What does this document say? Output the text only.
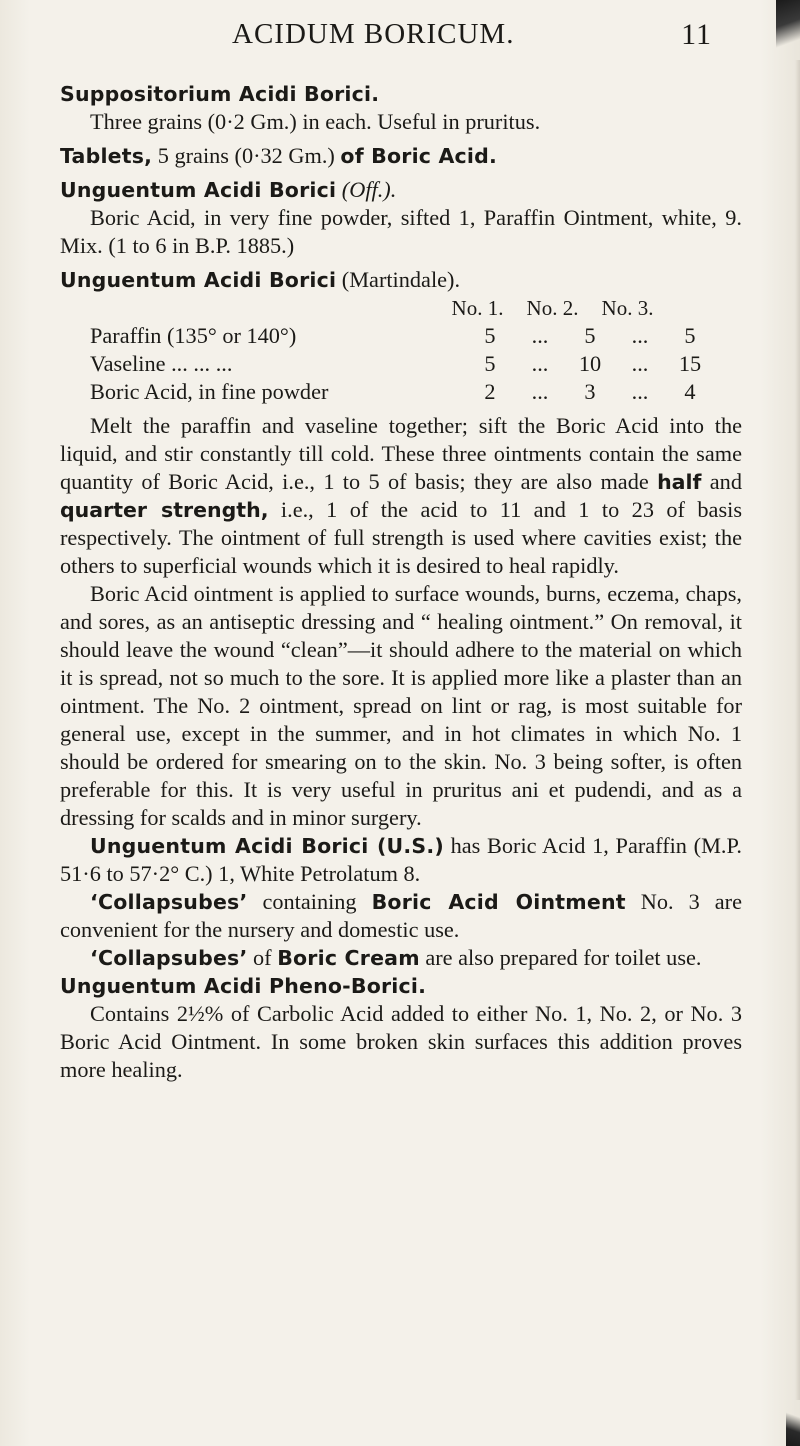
ACIDUM BORICUM.	11

Suppositorium Acidi Borici.

Three grains (0·2 Gm.) in each. Useful in pruritus.

Tablets, 5 grains (0·32 Gm.) of Boric Acid.

Unguentum Acidi Borici (Off.).

Boric Acid, in very fine powder, sifted 1, Paraffin Ointment, white, 9. Mix. (1 to 6 in B.P. 1885.)

Unguentum Acidi Borici (Martindale).

No. 1.	No. 2.	No. 3.
Paraffin (135° or 140°)	5	...	5	...	5
Vaseline ... ... ...	5	...	10	...	15
Boric Acid, in fine powder	2	...	3	...	4

Melt the paraffin and vaseline together; sift the Boric Acid into the liquid, and stir constantly till cold. These three ointments contain the same quantity of Boric Acid, i.e., 1 to 5 of basis; they are also made half and quarter strength, i.e., 1 of the acid to 11 and 1 to 23 of basis respectively. The ointment of full strength is used where cavities exist; the others to superficial wounds which it is desired to heal rapidly.

Boric Acid ointment is applied to surface wounds, burns, eczema, chaps, and sores, as an antiseptic dressing and “ healing ointment.” On removal, it should leave the wound “clean”—it should adhere to the material on which it is spread, not so much to the sore. It is applied more like a plaster than an ointment. The No. 2 ointment, spread on lint or rag, is most suitable for general use, except in the summer, and in hot climates in which No. 1 should be ordered for smearing on to the skin. No. 3 being softer, is often preferable for this. It is very useful in pruritus ani et pudendi, and as a dressing for scalds and in minor surgery.

Unguentum Acidi Borici (U.S.) has Boric Acid 1, Paraffin (M.P. 51·6 to 57·2° C.) 1, White Petrolatum 8.

‘Collapsubes’ containing Boric Acid Ointment No. 3 are convenient for the nursery and domestic use.

‘Collapsubes’ of Boric Cream are also prepared for toilet use.

Unguentum Acidi Pheno-Borici.

Contains 2½% of Carbolic Acid added to either No. 1, No. 2, or No. 3 Boric Acid Ointment. In some broken skin surfaces this addition proves more healing.
